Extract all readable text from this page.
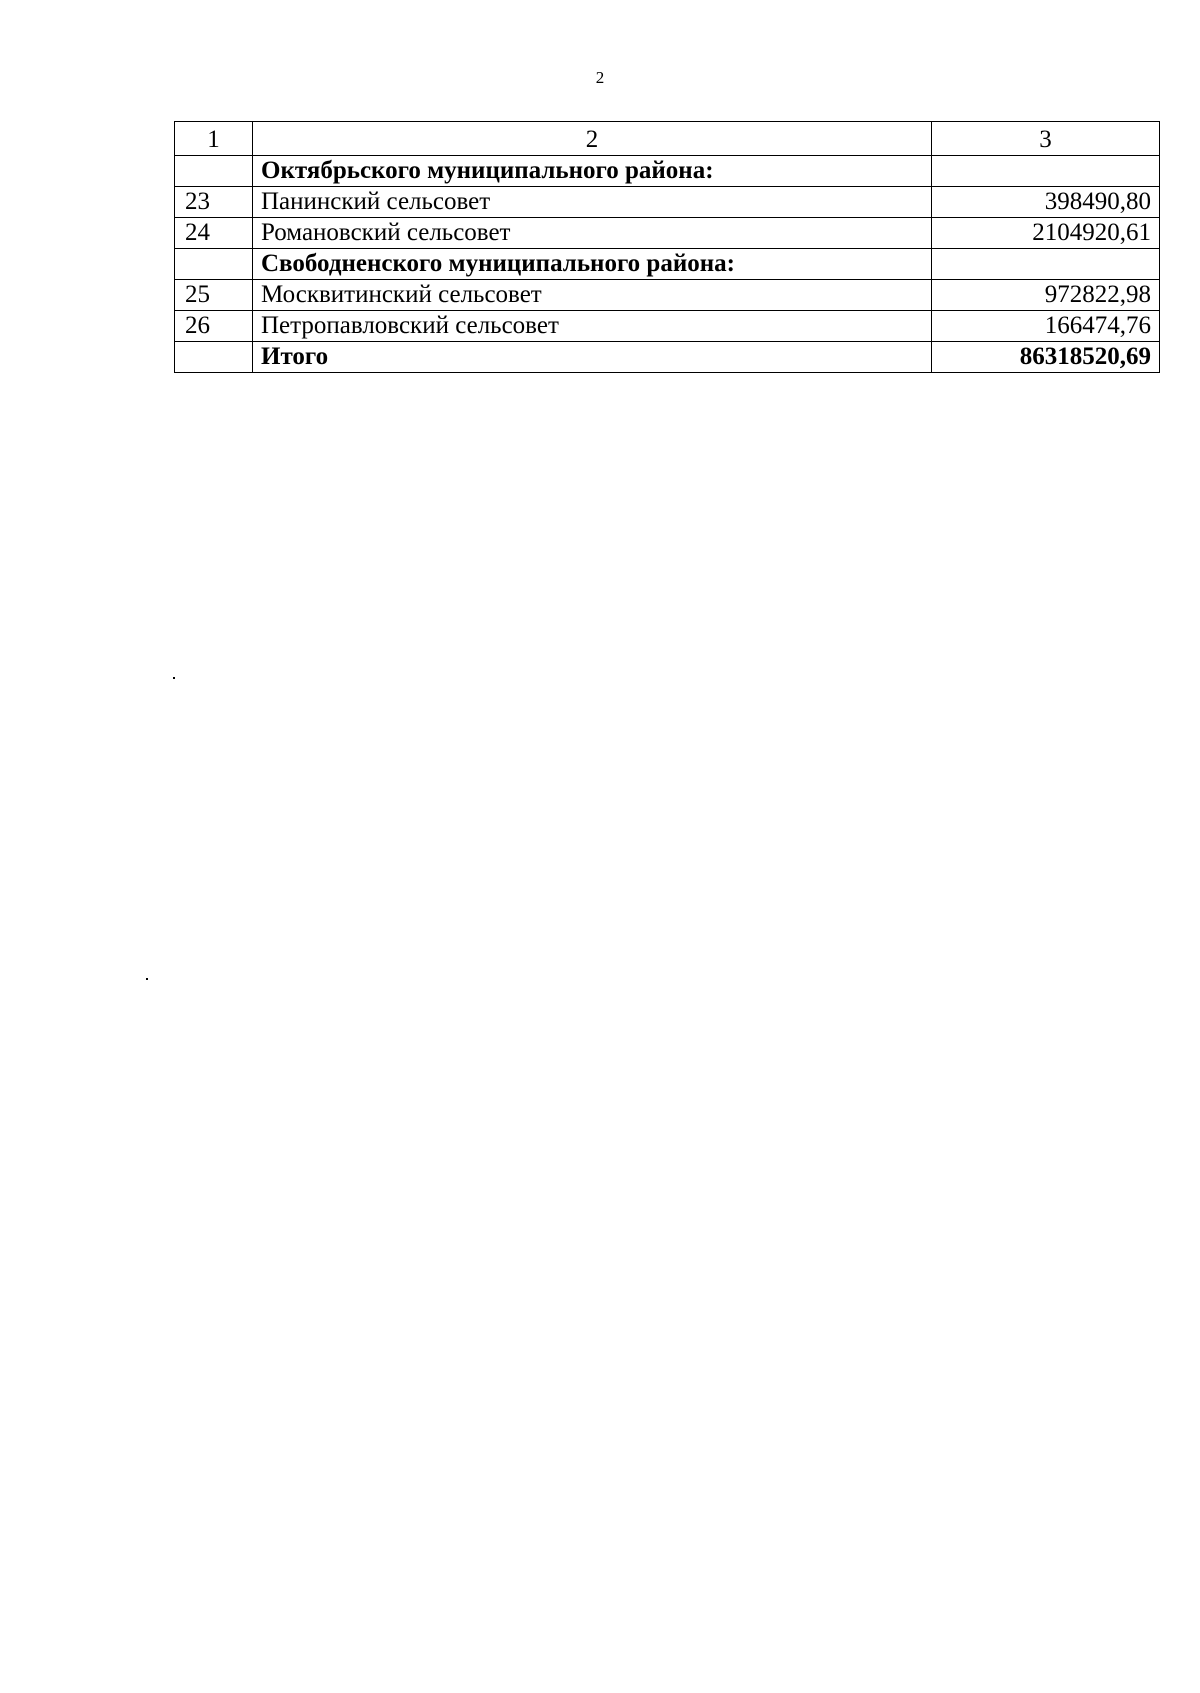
2
1	2	3
	Октябрьского муниципального района:	
23	Панинский сельсовет	398490,80
24	Романовский сельсовет	2104920,61
	Свободненского муниципального района:	
25	Москвитинский сельсовет	972822,98
26	Петропавловский сельсовет	166474,76
	Итого	86318520,69
